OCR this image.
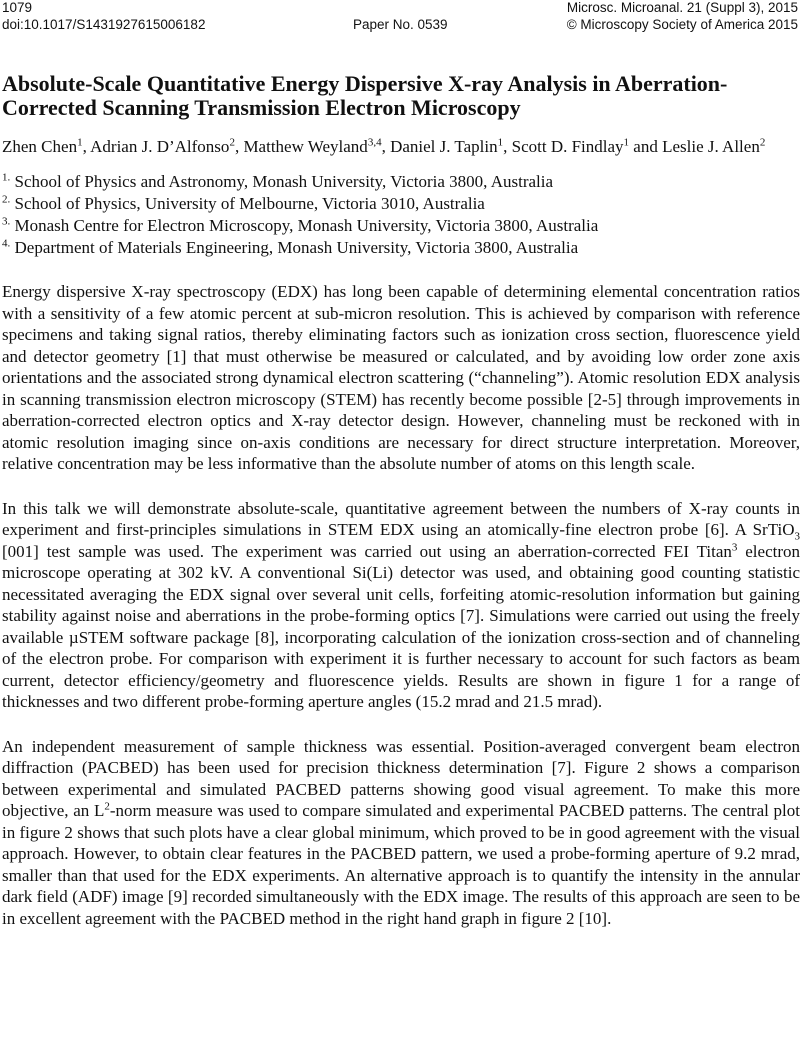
1079
doi:10.1017/S1431927615006182	Paper No. 0539
Microsc. Microanal. 21 (Suppl 3), 2015
© Microscopy Society of America 2015
Absolute-Scale Quantitative Energy Dispersive X-ray Analysis in Aberration-Corrected Scanning Transmission Electron Microscopy

Zhen Chen$^1$, Adrian J. D’Alfonso$^2$, Matthew Weyland$^{3,4}$, Daniel J. Taplin$^1$, Scott D. Findlay$^1$ and Leslie J. Allen$^2$

$^{1.}$ School of Physics and Astronomy, Monash University, Victoria 3800, Australia
$^{2.}$ School of Physics, University of Melbourne, Victoria 3010, Australia
$^{3.}$ Monash Centre for Electron Microscopy, Monash University, Victoria 3800, Australia
$^{4.}$ Department of Materials Engineering, Monash University, Victoria 3800, Australia

Energy dispersive X-ray spectroscopy (EDX) has long been capable of determining elemental concentration ratios with a sensitivity of a few atomic percent at sub-micron resolution. This is achieved by comparison with reference specimens and taking signal ratios, thereby eliminating factors such as ionization cross section, fluorescence yield and detector geometry [1] that must otherwise be measured or calculated, and by avoiding low order zone axis orientations and the associated strong dynamical electron scattering (“channeling”). Atomic resolution EDX analysis in scanning transmission electron microscopy (STEM) has recently become possible [2-5] through improvements in aberration-corrected electron optics and X-ray detector design. However, channeling must be reckoned with in atomic resolution imaging since on-axis conditions are necessary for direct structure interpretation. Moreover, relative concentration may be less informative than the absolute number of atoms on this length scale.

In this talk we will demonstrate absolute-scale, quantitative agreement between the numbers of X-ray counts in experiment and first-principles simulations in STEM EDX using an atomically-fine electron probe [6]. A SrTiO$_3$ [001] test sample was used. The experiment was carried out using an aberration-corrected FEI Titan$^3$ electron microscope operating at 302 kV. A conventional Si(Li) detector was used, and obtaining good counting statistic necessitated averaging the EDX signal over several unit cells, forfeiting atomic-resolution information but gaining stability against noise and aberrations in the probe-forming optics [7]. Simulations were carried out using the freely available µSTEM software package [8], incorporating calculation of the ionization cross-section and of channeling of the electron probe. For comparison with experiment it is further necessary to account for such factors as beam current, detector efficiency/geometry and fluorescence yields. Results are shown in figure 1 for a range of thicknesses and two different probe-forming aperture angles (15.2 mrad and 21.5 mrad).

An independent measurement of sample thickness was essential. Position-averaged convergent beam electron diffraction (PACBED) has been used for precision thickness determination [7]. Figure 2 shows a comparison between experimental and simulated PACBED patterns showing good visual agreement. To make this more objective, an $L^2$-norm measure was used to compare simulated and experimental PACBED patterns. The central plot in figure 2 shows that such plots have a clear global minimum, which proved to be in good agreement with the visual approach. However, to obtain clear features in the PACBED pattern, we used a probe-forming aperture of 9.2 mrad, smaller than that used for the EDX experiments. An alternative approach is to quantify the intensity in the annular dark field (ADF) image [9] recorded simultaneously with the EDX image. The results of this approach are seen to be in excellent agreement with the PACBED method in the right hand graph in figure 2 [10].
